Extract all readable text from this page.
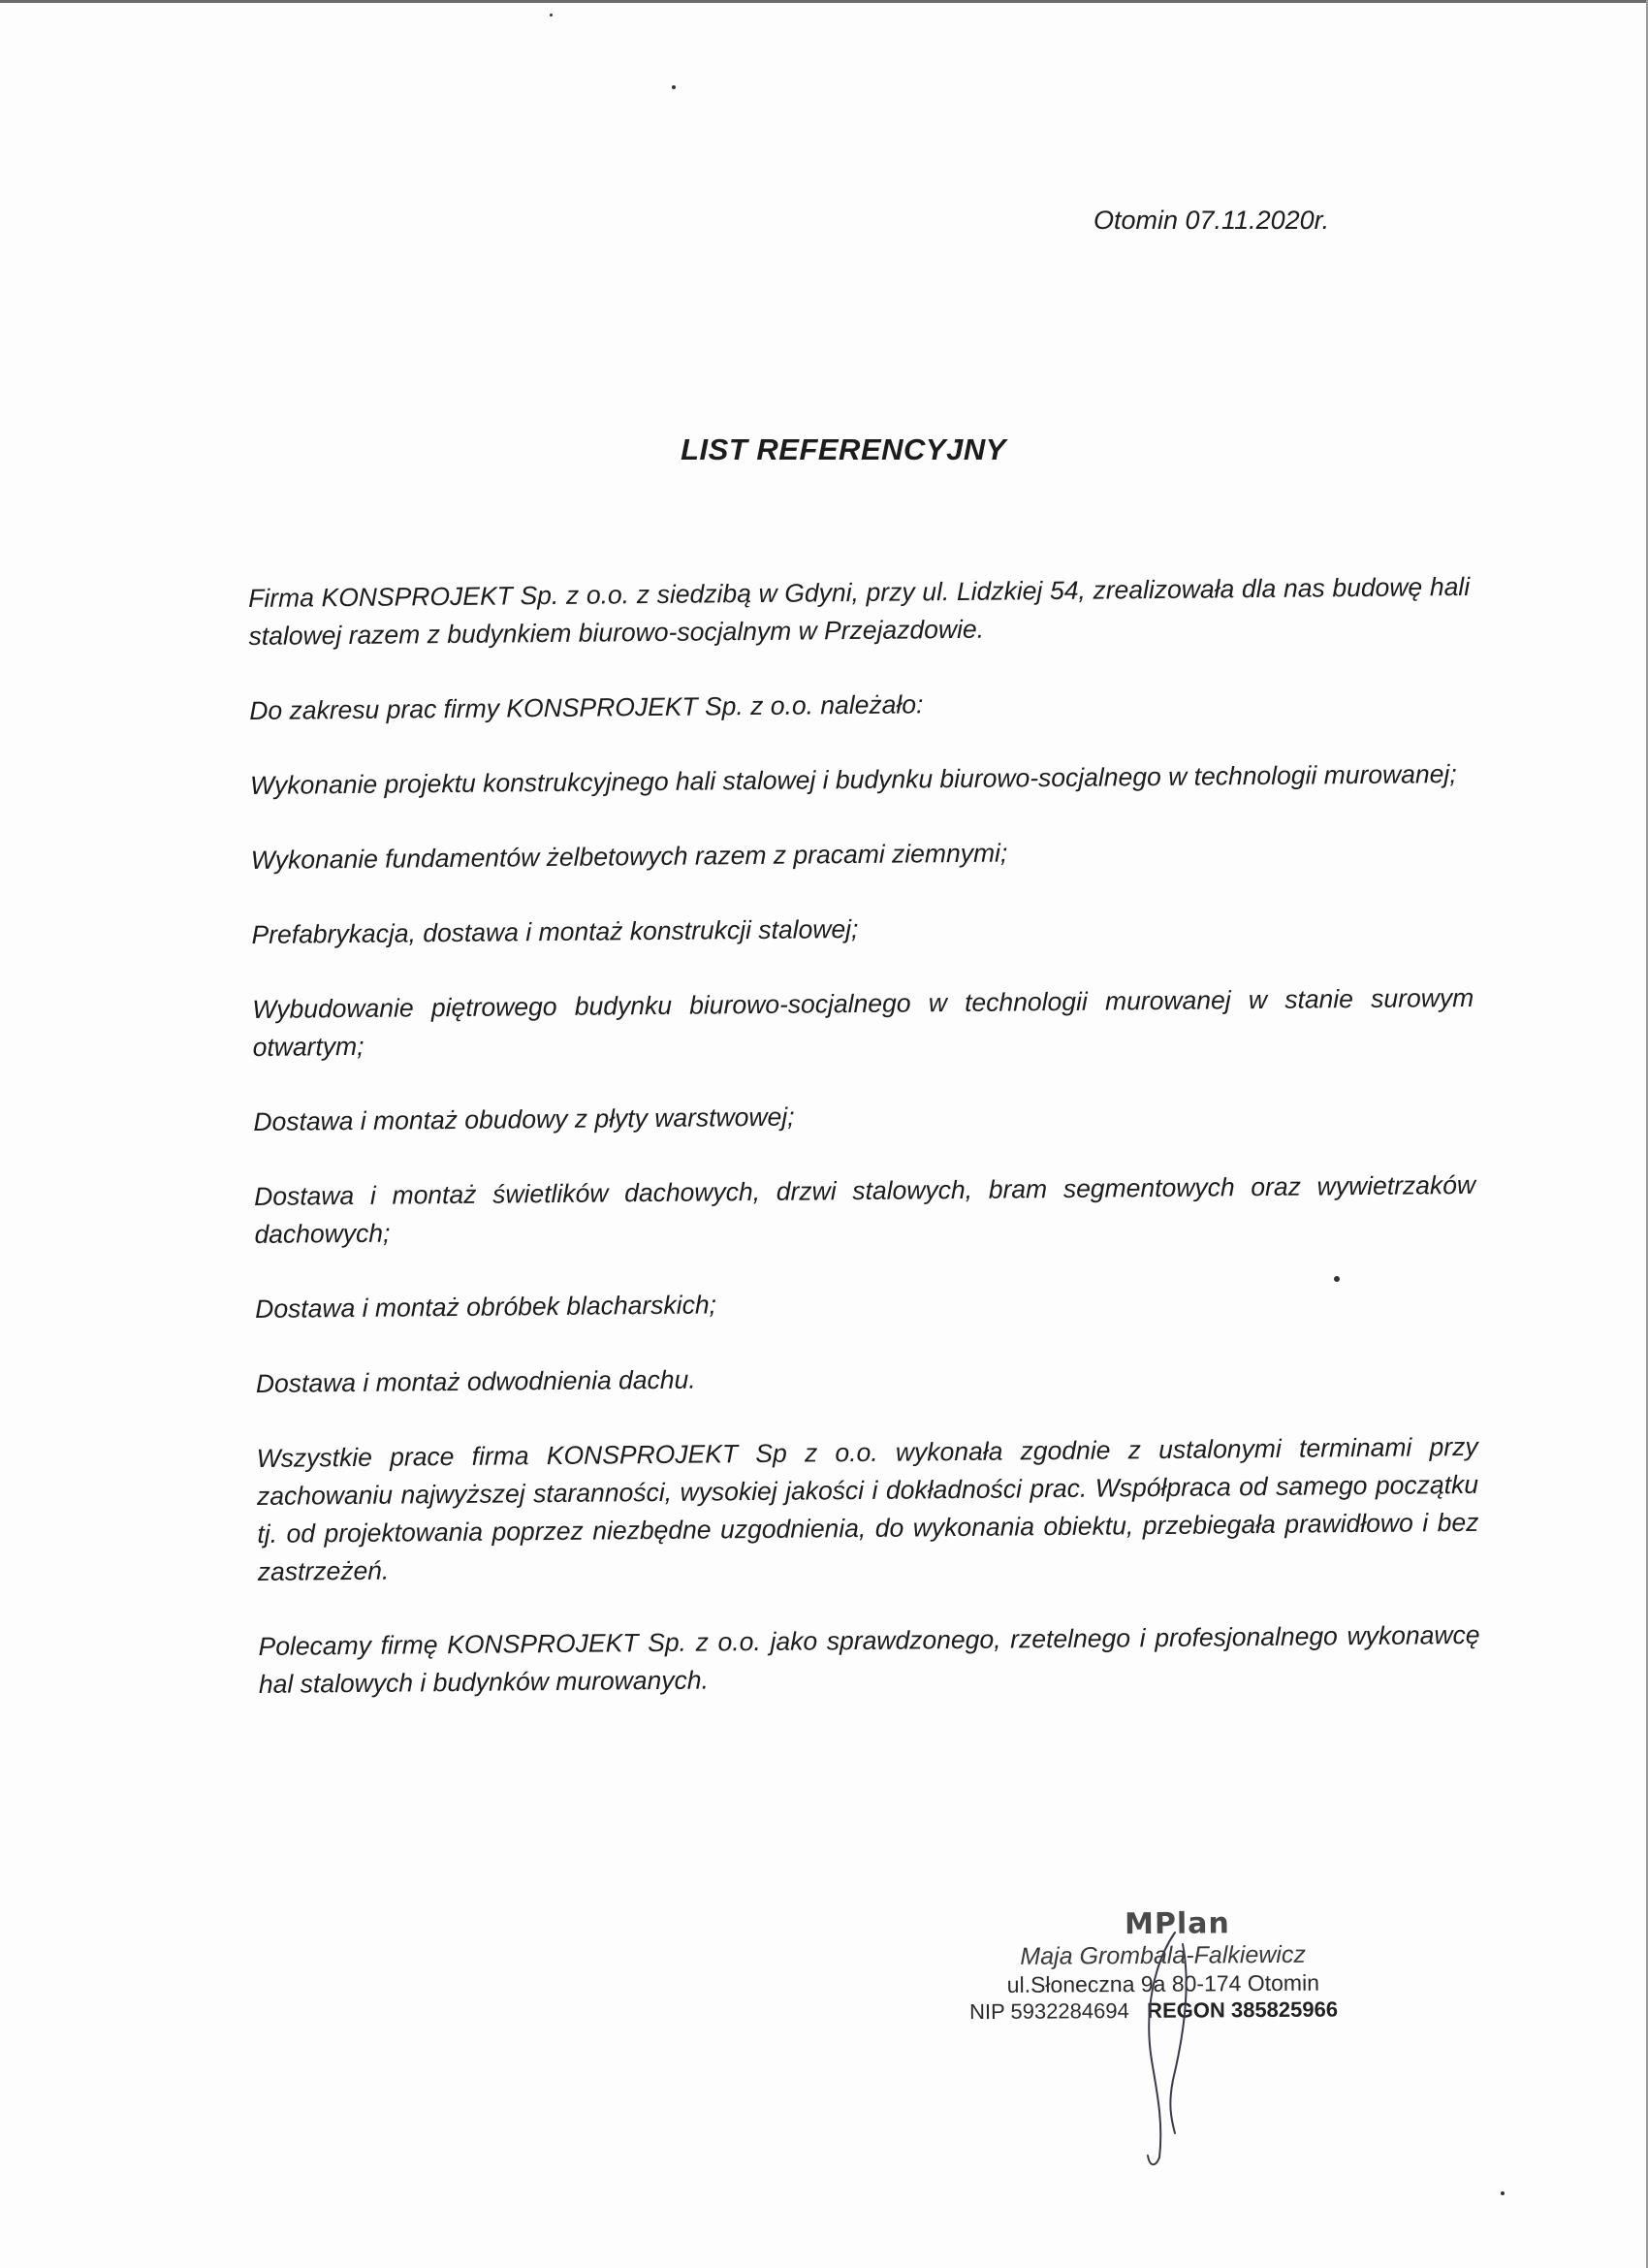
Otomin 07.11.2020r.
LIST REFERENCYJNY

Firma KONSPROJEKT Sp. z o.o. z siedzibą w Gdyni, przy ul. Lidzkiej 54, zrealizowała dla nas budowę hali stalowej razem z budynkiem biurowo-socjalnym w Przejazdowie.

Do zakresu prac firmy KONSPROJEKT Sp. z o.o. należało:

Wykonanie projektu konstrukcyjnego hali stalowej i budynku biurowo-socjalnego w technologii murowanej;

Wykonanie fundamentów żelbetowych razem z pracami ziemnymi;

Prefabrykacja, dostawa i montaż konstrukcji stalowej;

Wybudowanie piętrowego budynku biurowo-socjalnego w technologii murowanej w stanie surowym otwartym;

Dostawa i montaż obudowy z płyty warstwowej;

Dostawa i montaż świetlików dachowych, drzwi stalowych, bram segmentowych oraz wywietrzaków dachowych;

Dostawa i montaż obróbek blacharskich;

Dostawa i montaż odwodnienia dachu.

Wszystkie prace firma KONSPROJEKT Sp z o.o. wykonała zgodnie z ustalonymi terminami przy zachowaniu najwyższej staranności, wysokiej jakości i dokładności prac. Współpraca od samego początku tj. od projektowania poprzez niezbędne uzgodnienia, do wykonania obiektu, przebiegała prawidłowo i bez zastrzeżeń.

Polecamy firmę KONSPROJEKT Sp. z o.o. jako sprawdzonego, rzetelnego i profesjonalnego wykonawcę hal stalowych i budynków murowanych.

MPlan
Maja Grombala-Falkiewicz
ul.Słoneczna 9a 80-174 Otomin
NIP 5932284694 REGON 385825966
